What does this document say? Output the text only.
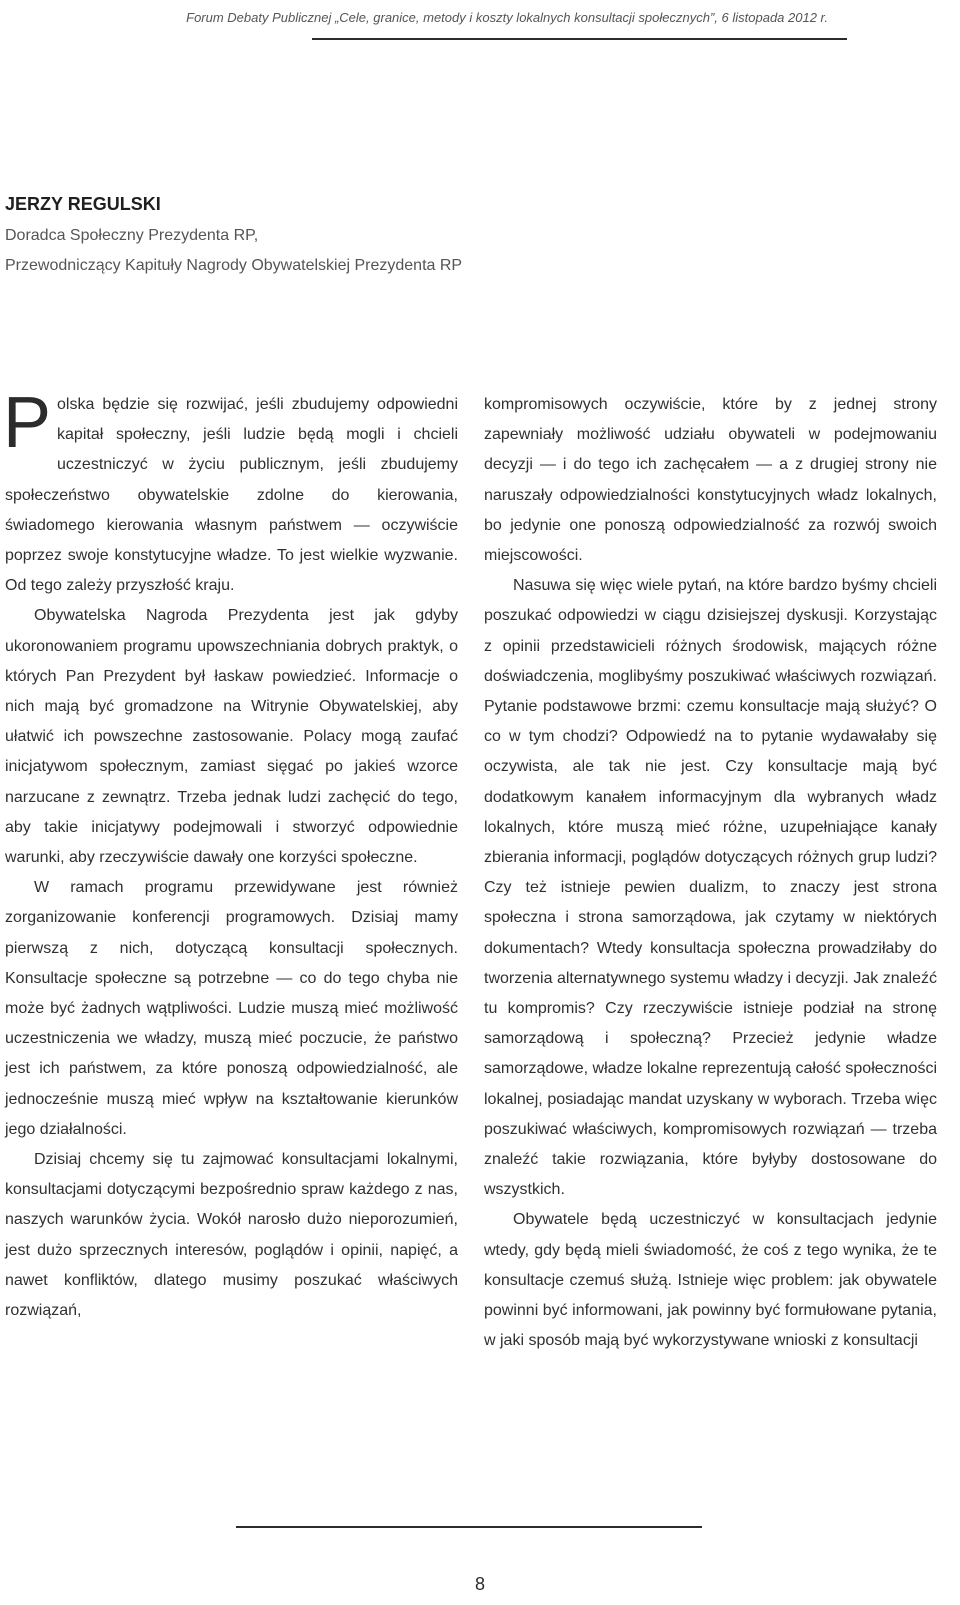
Forum Debaty Publicznej „Cele, granice, metody i koszty lokalnych konsultacji społecznych”, 6 listopada 2012 r.
JERZY REGULSKI
Doradca Społeczny Prezydenta RP,
Przewodniczący Kapituły Nagrody Obywatelskiej Prezydenta RP

Polska będzie się rozwijać, jeśli zbudujemy odpowiedni kapitał społeczny, jeśli ludzie będą mogli i chcieli uczestniczyć w życiu publicznym, jeśli zbudujemy społeczeństwo obywatelskie zdolne do kierowania, świadomego kierowania własnym państwem — oczywiście poprzez swoje konstytucyjne władze. To jest wielkie wyzwanie. Od tego zależy przyszłość kraju.

Obywatelska Nagroda Prezydenta jest jak gdyby ukoronowaniem programu upowszechniania dobrych praktyk, o których Pan Prezydent był łaskaw powiedzieć. Informacje o nich mają być gromadzone na Witrynie Obywatelskiej, aby ułatwić ich powszechne zastosowanie. Polacy mogą zaufać inicjatywom społecznym, zamiast sięgać po jakieś wzorce narzucane z zewnątrz. Trzeba jednak ludzi zachęcić do tego, aby takie inicjatywy podejmowali i stworzyć odpowiednie warunki, aby rzeczywiście dawały one korzyści społeczne.

W ramach programu przewidywane jest również zorganizowanie konferencji programowych. Dzisiaj mamy pierwszą z nich, dotyczącą konsultacji społecznych. Konsultacje społeczne są potrzebne — co do tego chyba nie może być żadnych wątpliwości. Ludzie muszą mieć możliwość uczestniczenia we władzy, muszą mieć poczucie, że państwo jest ich państwem, za które ponoszą odpowiedzialność, ale jednocześnie muszą mieć wpływ na kształtowanie kierunków jego działalności.

Dzisiaj chcemy się tu zajmować konsultacjami lokalnymi, konsultacjami dotyczącymi bezpośrednio spraw każdego z nas, naszych warunków życia. Wokół narosło dużo nieporozumień, jest dużo sprzecznych interesów, poglądów i opinii, napięć, a nawet konfliktów, dlatego musimy poszukać właściwych rozwiązań,

kompromisowych oczywiście, które by z jednej strony zapewniały możliwość udziału obywateli w podejmowaniu decyzji — i do tego ich zachęcałem — a z drugiej strony nie naruszały odpowiedzialności konstytucyjnych władz lokalnych, bo jedynie one ponoszą odpowiedzialność za rozwój swoich miejscowości.

Nasuwa się więc wiele pytań, na które bardzo byśmy chcieli poszukać odpowiedzi w ciągu dzisiejszej dyskusji. Korzystając z opinii przedstawicieli różnych środowisk, mających różne doświadczenia, moglibyśmy poszukiwać właściwych rozwiązań. Pytanie podstawowe brzmi: czemu konsultacje mają służyć? O co w tym chodzi? Odpowiedź na to pytanie wydawałaby się oczywista, ale tak nie jest. Czy konsultacje mają być dodatkowym kanałem informacyjnym dla wybranych władz lokalnych, które muszą mieć różne, uzupełniające kanały zbierania informacji, poglądów dotyczących różnych grup ludzi? Czy też istnieje pewien dualizm, to znaczy jest strona społeczna i strona samorządowa, jak czytamy w niektórych dokumentach? Wtedy konsultacja społeczna prowadziłaby do tworzenia alternatywnego systemu władzy i decyzji. Jak znaleźć tu kompromis? Czy rzeczywiście istnieje podział na stronę samorządową i społeczną? Przecież jedynie władze samorządowe, władze lokalne reprezentują całość społeczności lokalnej, posiadając mandat uzyskany w wyborach. Trzeba więc poszukiwać właściwych, kompromisowych rozwiązań — trzeba znaleźć takie rozwiązania, które byłyby dostosowane do wszystkich.

Obywatele będą uczestniczyć w konsultacjach jedynie wtedy, gdy będą mieli świadomość, że coś z tego wynika, że te konsultacje czemuś służą. Istnieje więc problem: jak obywatele powinni być informowani, jak powinny być formułowane pytania, w jaki sposób mają być wykorzystywane wnioski z konsultacji

8
